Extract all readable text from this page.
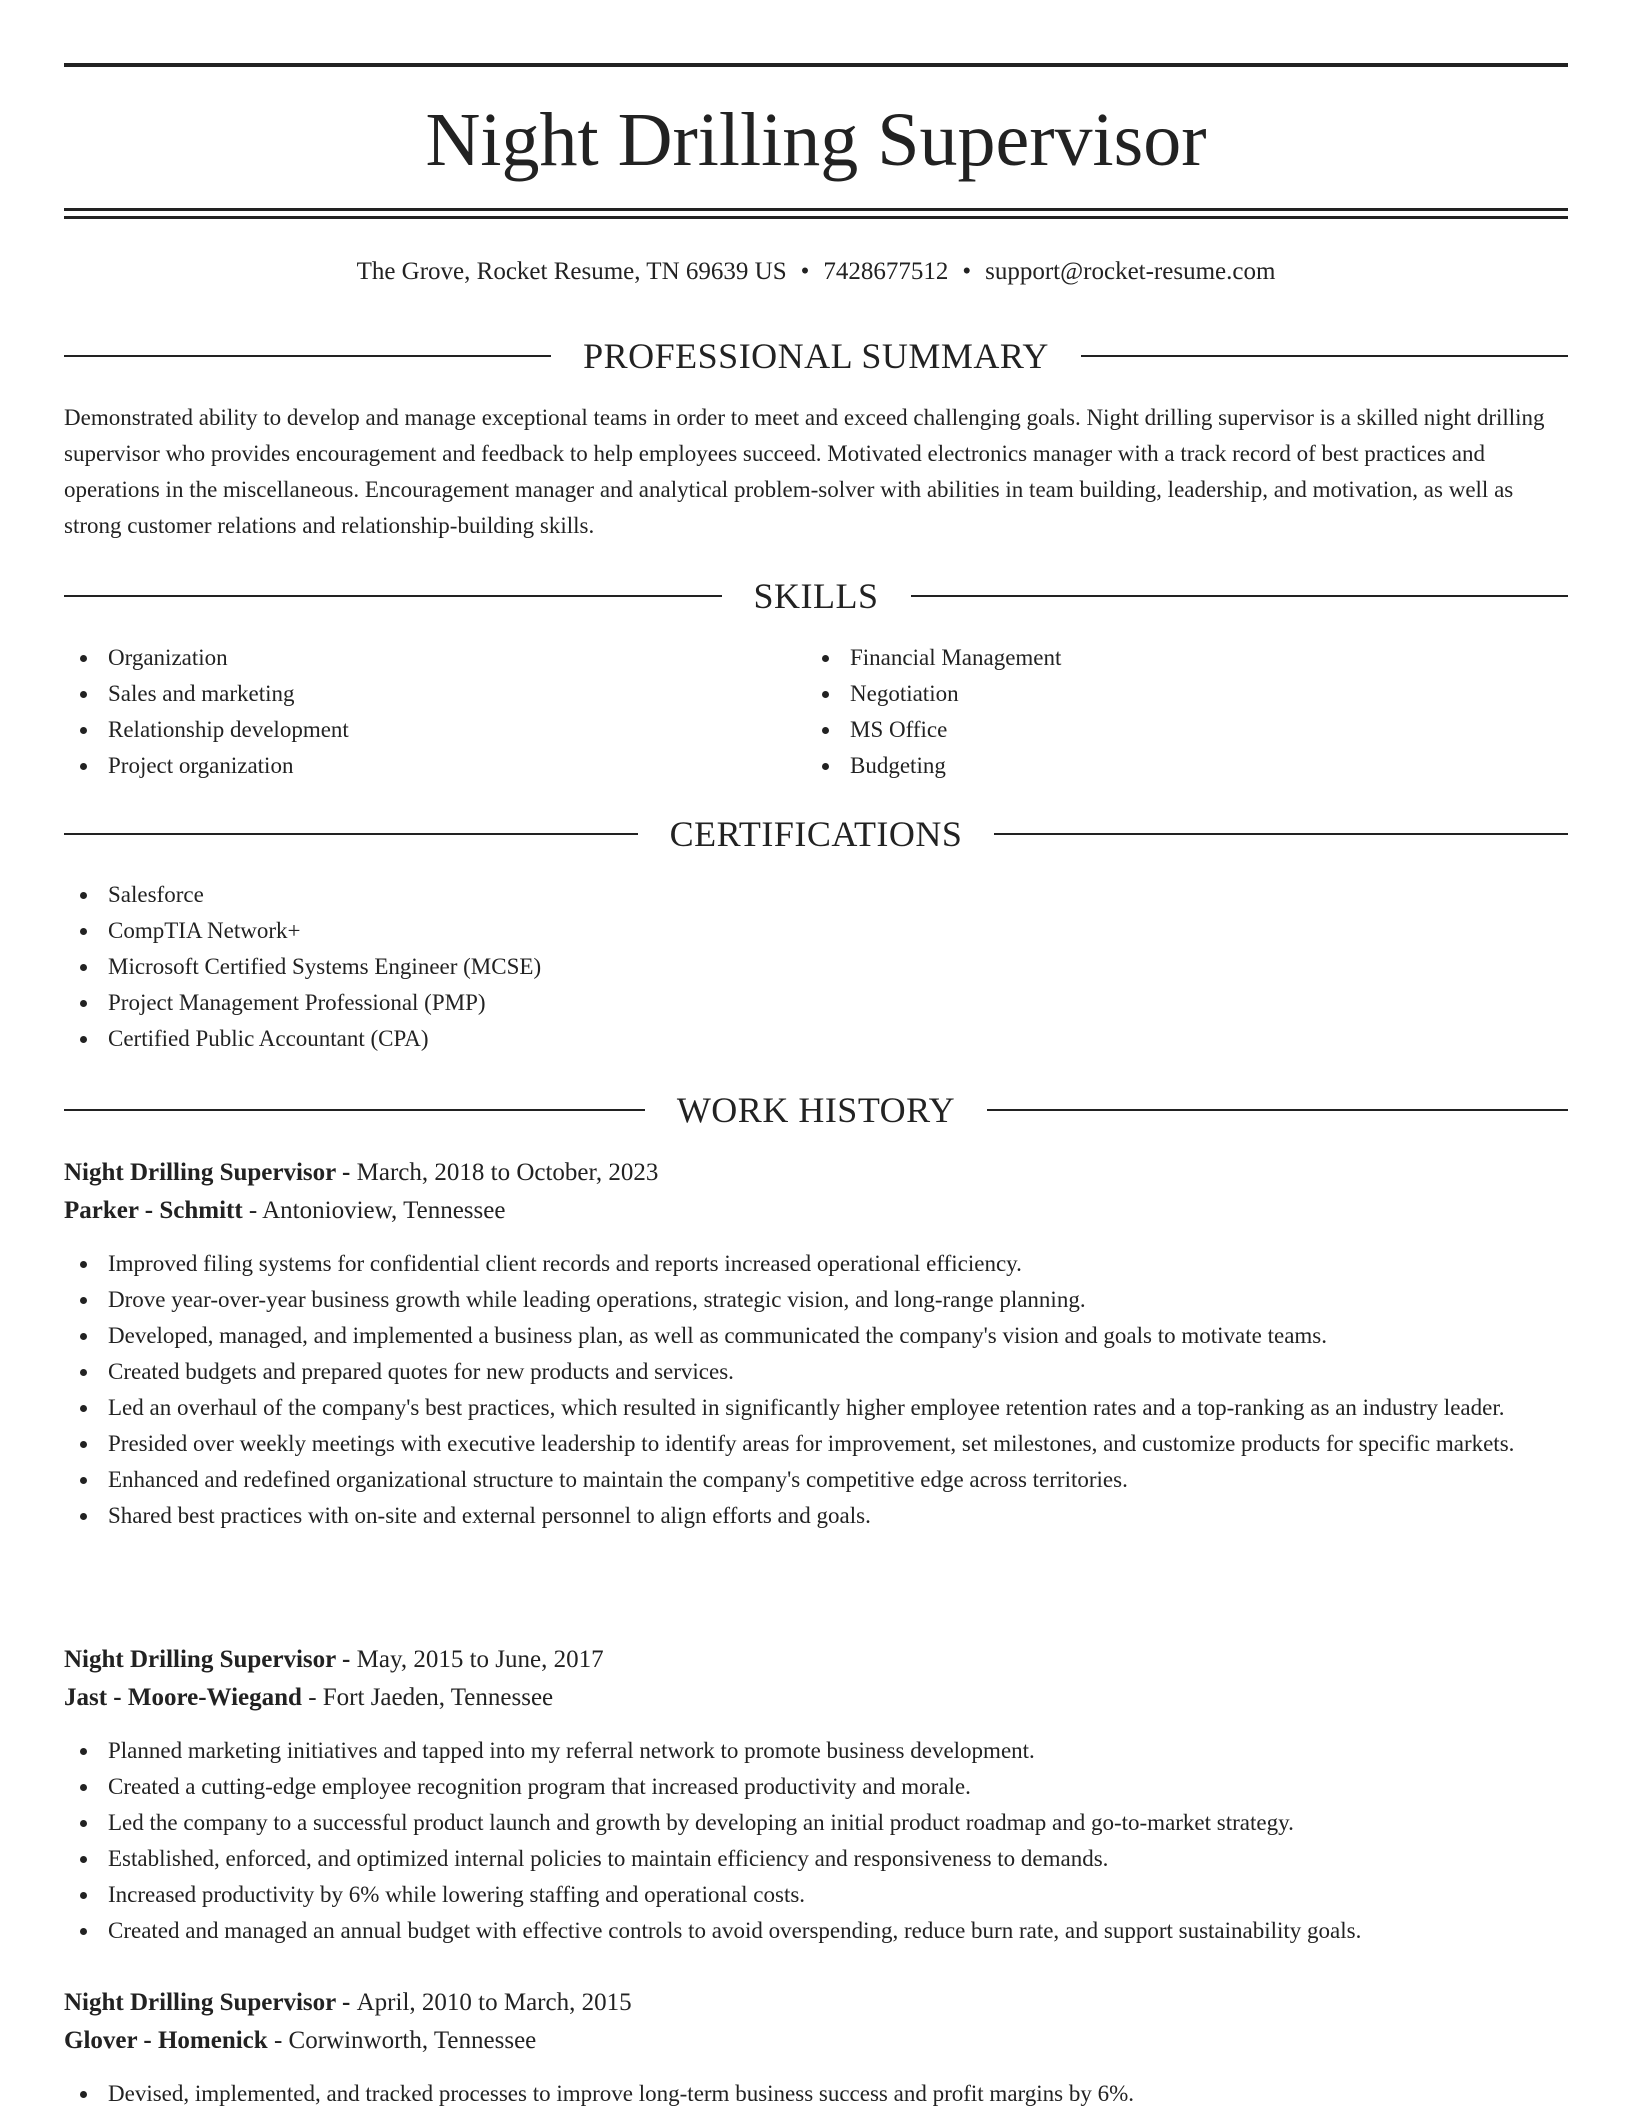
Night Drilling Supervisor
The Grove, Rocket Resume, TN 69639 US • 7428677512 • support@rocket-resume.com
PROFESSIONAL SUMMARY

Demonstrated ability to develop and manage exceptional teams in order to meet and exceed challenging goals. Night drilling supervisor is a skilled night drilling supervisor who provides encouragement and feedback to help employees succeed. Motivated electronics manager with a track record of best practices and operations in the miscellaneous. Encouragement manager and analytical problem-solver with abilities in team building, leadership, and motivation, as well as strong customer relations and relationship-building skills.

SKILLS
Organization
Sales and marketing
Relationship development
Project organization
Financial Management
Negotiation
MS Office
Budgeting
CERTIFICATIONS
Salesforce
CompTIA Network+
Microsoft Certified Systems Engineer (MCSE)
Project Management Professional (PMP)
Certified Public Accountant (CPA)
WORK HISTORY
Night Drilling Supervisor - March, 2018 to October, 2023
Parker - Schmitt - Antonioview, Tennessee
Improved filing systems for confidential client records and reports increased operational efficiency.
Drove year-over-year business growth while leading operations, strategic vision, and long-range planning.
Developed, managed, and implemented a business plan, as well as communicated the company's vision and goals to motivate teams.
Created budgets and prepared quotes for new products and services.
Led an overhaul of the company's best practices, which resulted in significantly higher employee retention rates and a top-ranking as an industry leader.
Presided over weekly meetings with executive leadership to identify areas for improvement, set milestones, and customize products for specific markets.
Enhanced and redefined organizational structure to maintain the company's competitive edge across territories.
Shared best practices with on-site and external personnel to align efforts and goals.
Night Drilling Supervisor - May, 2015 to June, 2017
Jast - Moore-Wiegand - Fort Jaeden, Tennessee
Planned marketing initiatives and tapped into my referral network to promote business development.
Created a cutting-edge employee recognition program that increased productivity and morale.
Led the company to a successful product launch and growth by developing an initial product roadmap and go-to-market strategy.
Established, enforced, and optimized internal policies to maintain efficiency and responsiveness to demands.
Increased productivity by 6% while lowering staffing and operational costs.
Created and managed an annual budget with effective controls to avoid overspending, reduce burn rate, and support sustainability goals.
Night Drilling Supervisor - April, 2010 to March, 2015
Glover - Homenick - Corwinworth, Tennessee
Devised, implemented, and tracked processes to improve long-term business success and profit margins by 6%.
